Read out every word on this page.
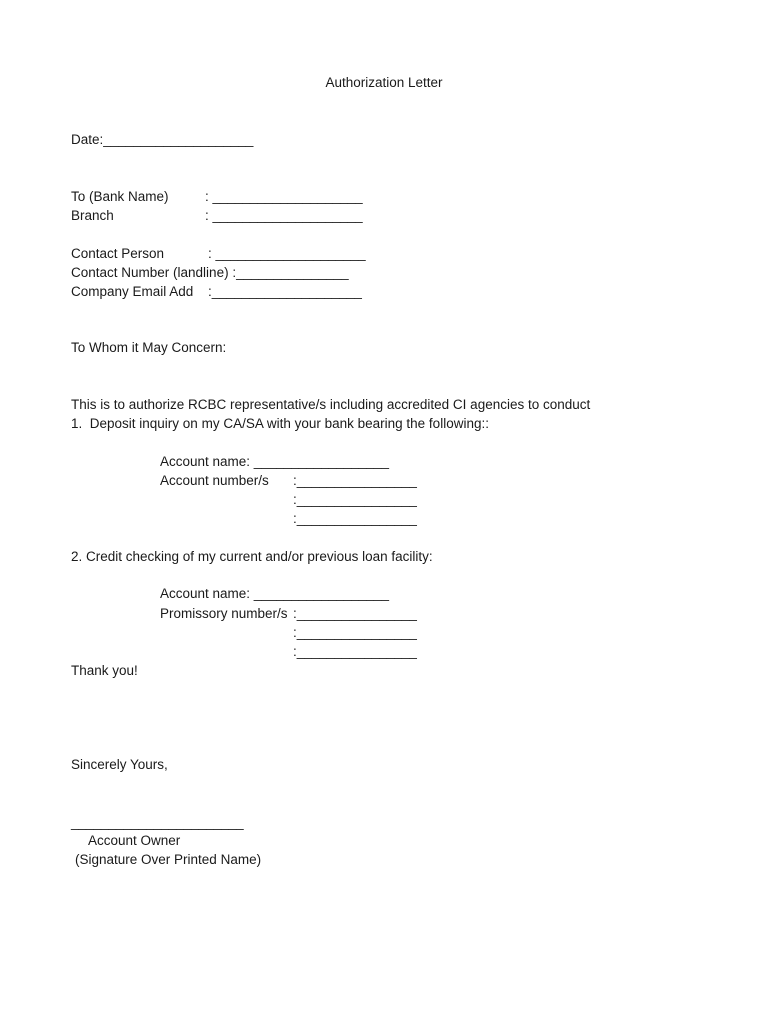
Authorization Letter
Date:____________________
To (Bank Name)	: ____________________
Branch	: ____________________
Contact Person	: ____________________
Contact Number (landline) :_______________
Company Email Add :____________________
To Whom it May Concern:
This is to authorize RCBC representative/s including accredited CI agencies to conduct
1.  Deposit inquiry on my CA/SA with your bank bearing the following::
Account name: __________________
Account number/s :________________
:________________
:________________
2. Credit checking of my current and/or previous loan facility:
Account name: __________________
Promissory number/s :________________
:________________
:________________
Thank you!
Sincerely Yours,
_______________________
Account Owner
(Signature Over Printed Name)
